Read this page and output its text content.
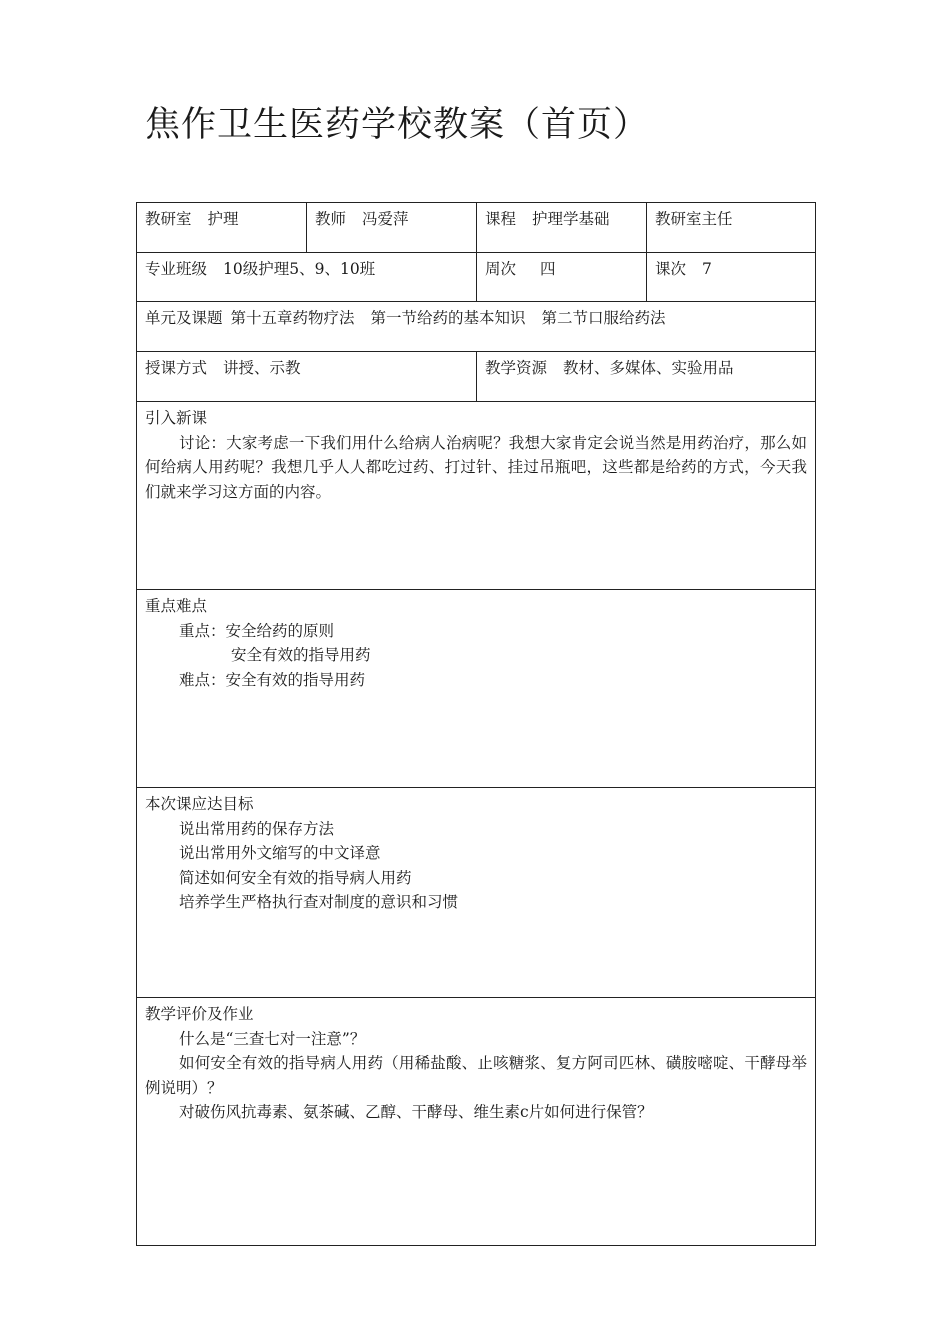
焦作卫生医药学校教案（首页）
教研室 护理	教师 冯爱萍	课程 护理学基础	教研室主任
专业班级 10级护理5、9、10班	周次 四	课次 7
单元及课题 第十五章药物疗法 第一节给药的基本知识 第二节口服给药法
授课方式 讲授、示教	教学资源 教材、多媒体、实验用品
引入新课
讨论：大家考虑一下我们用什么给病人治病呢？我想大家肯定会说当然是用药治疗，那么如何给病人用药呢？我想几乎人人都吃过药、打过针、挂过吊瓶吧，这些都是给药的方式，今天我们就来学习这方面的内容。
重点难点
重点：安全给药的原则
安全有效的指导用药
难点：安全有效的指导用药
本次课应达目标
说出常用药的保存方法
说出常用外文缩写的中文译意
简述如何安全有效的指导病人用药
培养学生严格执行查对制度的意识和习惯
教学评价及作业
什么是“三查七对一注意”？
如何安全有效的指导病人用药（用稀盐酸、止咳糖浆、复方阿司匹林、磺胺嘧啶、干酵母举例说明）？
对破伤风抗毒素、氨茶碱、乙醇、干酵母、维生素c片如何进行保管？
